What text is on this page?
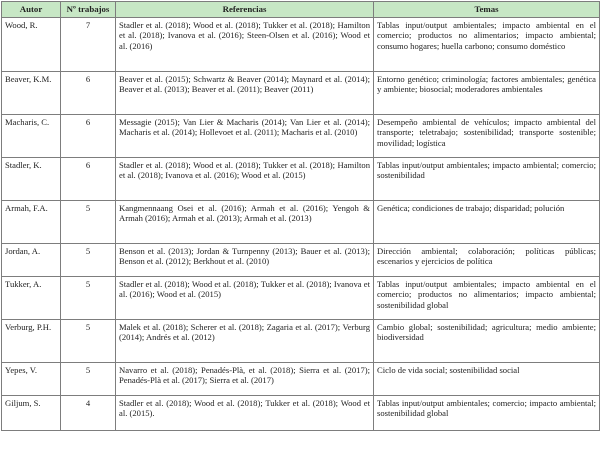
Autor	Nº trabajos	Referencias	Temas
Wood, R.	7	Stadler et al. (2018); Wood et al. (2018); Tukker et al. (2018); Hamilton et al. (2018); Ivanova et al. (2016); Steen-Olsen et al. (2016); Wood et al. (2016)	Tablas input/output ambientales; impacto ambiental en el comercio; productos no alimentarios; impacto ambiental; consumo hogares; huella carbono; consumo doméstico
Beaver, K.M.	6	Beaver et al. (2015); Schwartz & Beaver (2014); Maynard et al. (2014); Beaver et al. (2013); Beaver et al. (2011); Beaver (2011)	Entorno genético; criminología; factores ambientales; genética y ambiente; biosocial; moderadores ambientales
Macharis, C.	6	Messagie (2015); Van Lier & Macharis (2014); Van Lier et al. (2014); Macharis et al. (2014); Hollevoet et al. (2011); Macharis et al. (2010)	Desempeño ambiental de vehículos; impacto ambiental del transporte; teletrabajo; sostenibilidad; transporte sostenible; movilidad; logística
Stadler, K.	6	Stadler et al. (2018); Wood et al. (2018); Tukker et al. (2018); Hamilton et al. (2018); Ivanova et al. (2016); Wood et al. (2015)	Tablas input/output ambientales; impacto ambiental; comercio; sostenibilidad
Armah, F.A.	5	Kangmennaang Osei et al. (2016); Armah et al. (2016); Yengoh & Armah (2016); Armah et al. (2013); Armah et al. (2013)	Genética; condiciones de trabajo; disparidad; polución
Jordan, A.	5	Benson et al. (2013); Jordan & Turnpenny (2013); Bauer et al. (2013); Benson et al. (2012); Berkhout et al. (2010)	Dirección ambiental; colaboración; políticas públicas; escenarios y ejercicios de política
Tukker, A.	5	Stadler et al. (2018); Wood et al. (2018); Tukker et al. (2018); Ivanova et al. (2016); Wood et al. (2015)	Tablas input/output ambientales; impacto ambiental en el comercio; productos no alimentarios; impacto ambiental; sostenibilidad global
Verburg, P.H.	5	Malek et al. (2018); Scherer et al. (2018); Zagaria et al. (2017); Verburg (2014); Andrés et al. (2012)	Cambio global; sostenibilidad; agricultura; medio ambiente; biodiversidad
Yepes, V.	5	Navarro et al. (2018); Penadés-Plà, et al. (2018); Sierra et al. (2017); Penadés-Plà et al. (2017); Sierra et al. (2017)	Ciclo de vida social; sostenibilidad social
Giljum, S.	4	Stadler et al. (2018); Wood et al. (2018); Tukker et al. (2018); Wood et al. (2015).	Tablas input/output ambientales; comercio; impacto ambiental; sostenibilidad global
